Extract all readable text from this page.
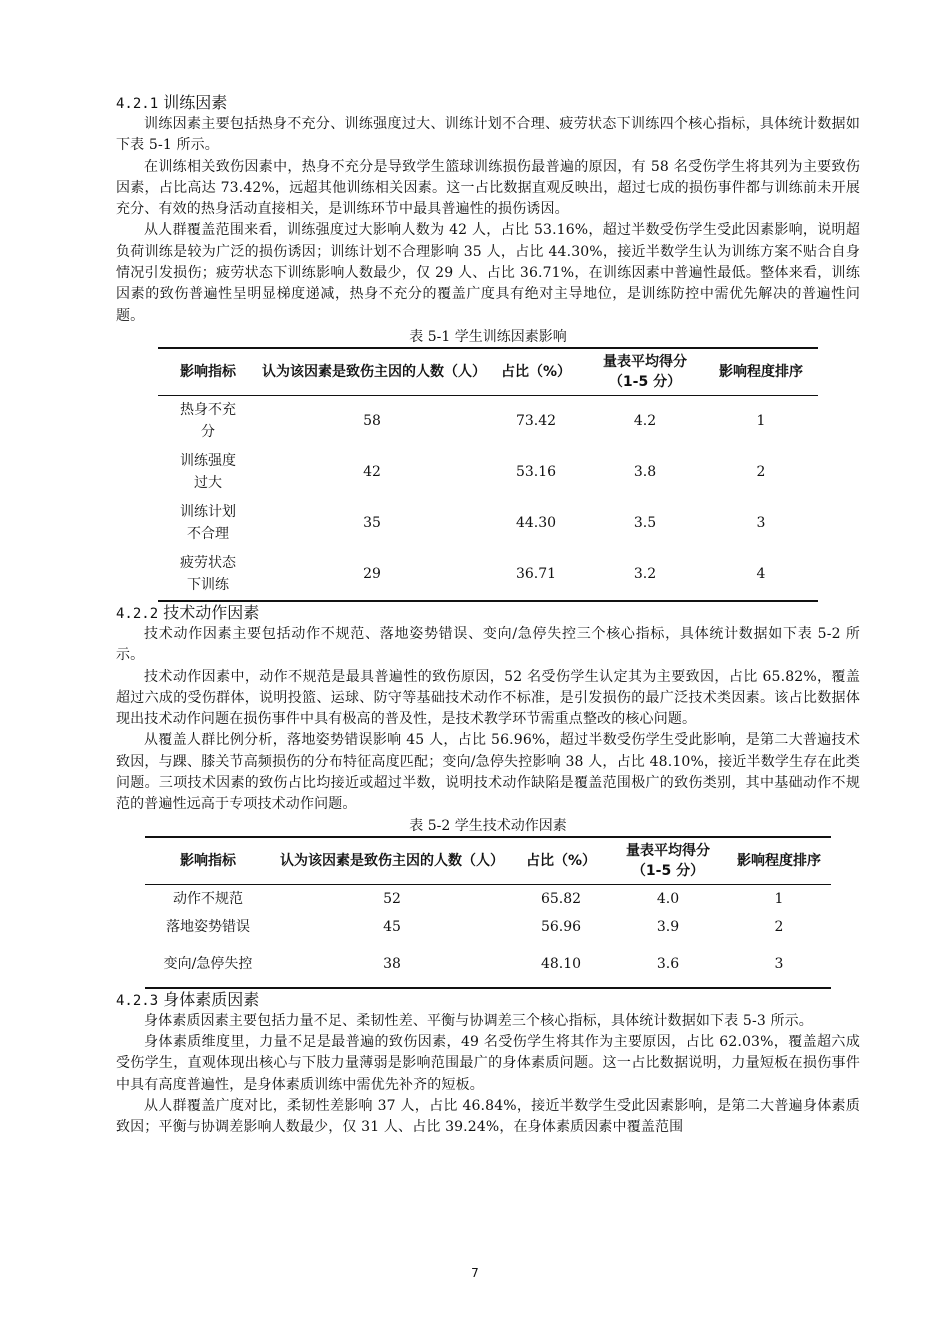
4.2.1 训练因素

训练因素主要包括热身不充分、训练强度过大、训练计划不合理、疲劳状态下训练四个核心指标，具体统计数据如下表 5-1 所示。

在训练相关致伤因素中，热身不充分是导致学生篮球训练损伤最普遍的原因，有 58 名受伤学生将其列为主要致伤因素，占比高达 73.42%，远超其他训练相关因素。这一占比数据直观反映出，超过七成的损伤事件都与训练前未开展充分、有效的热身活动直接相关，是训练环节中最具普遍性的损伤诱因。

从人群覆盖范围来看，训练强度过大影响人数为 42 人，占比 53.16%，超过半数受伤学生受此因素影响，说明超负荷训练是较为广泛的损伤诱因；训练计划不合理影响 35 人，占比 44.30%，接近半数学生认为训练方案不贴合自身情况引发损伤；疲劳状态下训练影响人数最少，仅 29 人、占比 36.71%，在训练因素中普遍性最低。整体来看，训练因素的致伤普遍性呈明显梯度递减，热身不充分的覆盖广度具有绝对主导地位，是训练防控中需优先解决的普遍性问题。

表 5-1 学生训练因素影响

影响指标	认为该因素是致伤主因的人数（人）	占比（%）	量表平均得分（1-5 分）	影响程度排序
热身不充分	58	73.42	4.2	1
训练强度过大	42	53.16	3.8	2
训练计划不合理	35	44.30	3.5	3
疲劳状态下训练	29	36.71	3.2	4
4.2.2 技术动作因素

技术动作因素主要包括动作不规范、落地姿势错误、变向/急停失控三个核心指标，具体统计数据如下表 5-2 所示。

技术动作因素中，动作不规范是最具普遍性的致伤原因，52 名受伤学生认定其为主要致因，占比 65.82%，覆盖超过六成的受伤群体，说明投篮、运球、防守等基础技术动作不标准，是引发损伤的最广泛技术类因素。该占比数据体现出技术动作问题在损伤事件中具有极高的普及性，是技术教学环节需重点整改的核心问题。

从覆盖人群比例分析，落地姿势错误影响 45 人，占比 56.96%，超过半数受伤学生受此影响，是第二大普遍技术致因，与踝、膝关节高频损伤的分布特征高度匹配；变向/急停失控影响 38 人，占比 48.10%，接近半数学生存在此类问题。三项技术因素的致伤占比均接近或超过半数，说明技术动作缺陷是覆盖范围极广的致伤类别，其中基础动作不规范的普遍性远高于专项技术动作问题。

表 5-2 学生技术动作因素

影响指标	认为该因素是致伤主因的人数（人）	占比（%）	量表平均得分（1-5 分）	影响程度排序
动作不规范	52	65.82	4.0	1
落地姿势错误	45	56.96	3.9	2
变向/急停失控	38	48.10	3.6	3
4.2.3 身体素质因素

身体素质因素主要包括力量不足、柔韧性差、平衡与协调差三个核心指标，具体统计数据如下表 5-3 所示。

身体素质维度里，力量不足是最普遍的致伤因素，49 名受伤学生将其作为主要原因，占比 62.03%，覆盖超六成受伤学生，直观体现出核心与下肢力量薄弱是影响范围最广的身体素质问题。这一占比数据说明，力量短板在损伤事件中具有高度普遍性，是身体素质训练中需优先补齐的短板。

从人群覆盖广度对比，柔韧性差影响 37 人，占比 46.84%，接近半数学生受此因素影响，是第二大普遍身体素质致因；平衡与协调差影响人数最少，仅 31 人、占比 39.24%，在身体素质因素中覆盖范围

7
